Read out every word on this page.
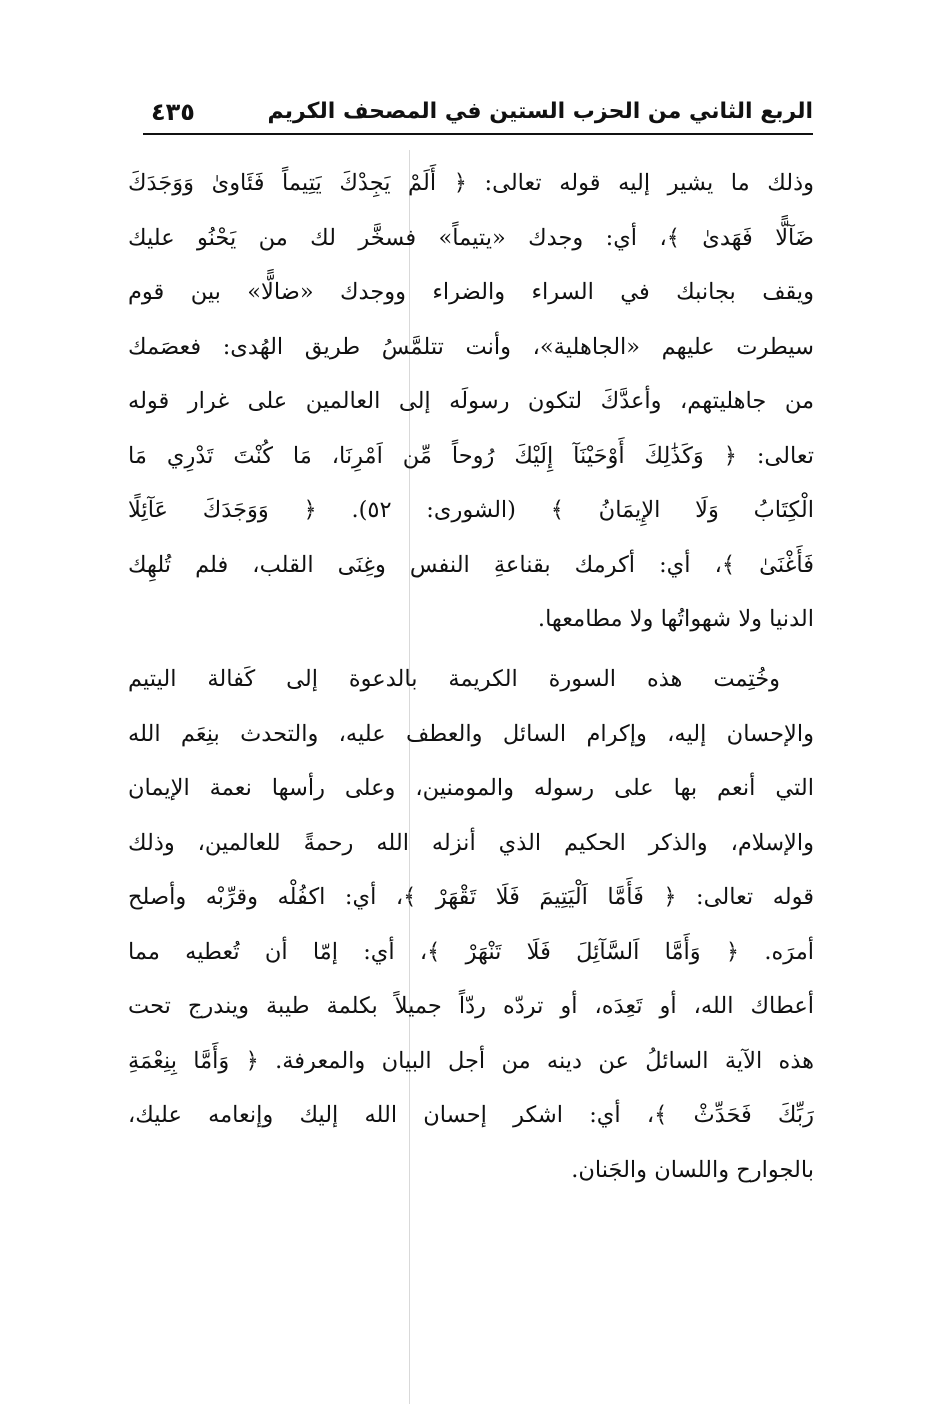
الربع الثاني من الحزب الستين في المصحف الكريم
٤٣٥
وذلك ما يشير إليه قوله تعالى: ﴿ أَلَمْ يَجِدْكَ يَتِيماً فَئَاوىٰ وَوَجَدَكَ
ضَآلًّا فَهَدىٰ ﴾، أي: وجدك «يتيماً» فسخَّر لك من يَحْنُو عليك
ويقف بجانبك في السراء والضراء ووجدك «ضالًّا» بين قوم
سيطرت عليهم «الجاهلية»، وأنت تتلمَّسُ طريق الهُدى: فعصَمك
من جاهليتهم، وأعدَّكَ لتكون رسولَه إلى العالمين على غرار قوله
تعالى: ﴿ وَكَذَٰلِكَ أَوْحَيْنَآ إِلَيْكَ رُوحاً مِّن اَمْرِنَا، مَا كُنْتَ تَدْرِي مَا
الْكِتَابُ وَلَا الإِيمَانُ ﴾ (الشورى: ٥٢). ﴿ وَوَجَدَكَ عَآئِلًا
فَأَغْنَىٰ ﴾، أي: أكرمك بقناعةِ النفس وغِنَى القلب، فلم تُلهِك
الدنيا ولا شهواتُها ولا مطامعها.
وخُتِمت هذه السورة الكريمة بالدعوة إلى كَفالة اليتيم
والإحسان إليه، وإكرام السائل والعطف عليه، والتحدث بنِعَم الله
التي أنعم بها على رسوله والمومنين، وعلى رأسها نعمة الإيمان
والإسلام، والذكر الحكيم الذي أنزله الله رحمةً للعالمين، وذلك
قوله تعالى: ﴿ فَأَمَّا اَلْيَتِيمَ فَلَا تَقْهَرْ ﴾، أي: اكفُلْه وقرِّبْه وأصلح
أمرَه. ﴿ وَأَمَّا اَلسَّآئِلَ فَلَا تَنْهَرْ ﴾، أي: إمّا أن تُعطيه مما
أعطاك الله، أو تَعِدَه، أو تردّه ردّاً جميلاً بكلمة طيبة ويندرج تحت
هذه الآية السائلُ عن دينه من أجل البيان والمعرفة. ﴿ وَأَمَّا بِنِعْمَةِ
رَبِّكَ فَحَدِّثْ ﴾، أي: اشكر إحسان الله إليك وإنعامه عليك،
بالجوارح واللسان والجَنان.
